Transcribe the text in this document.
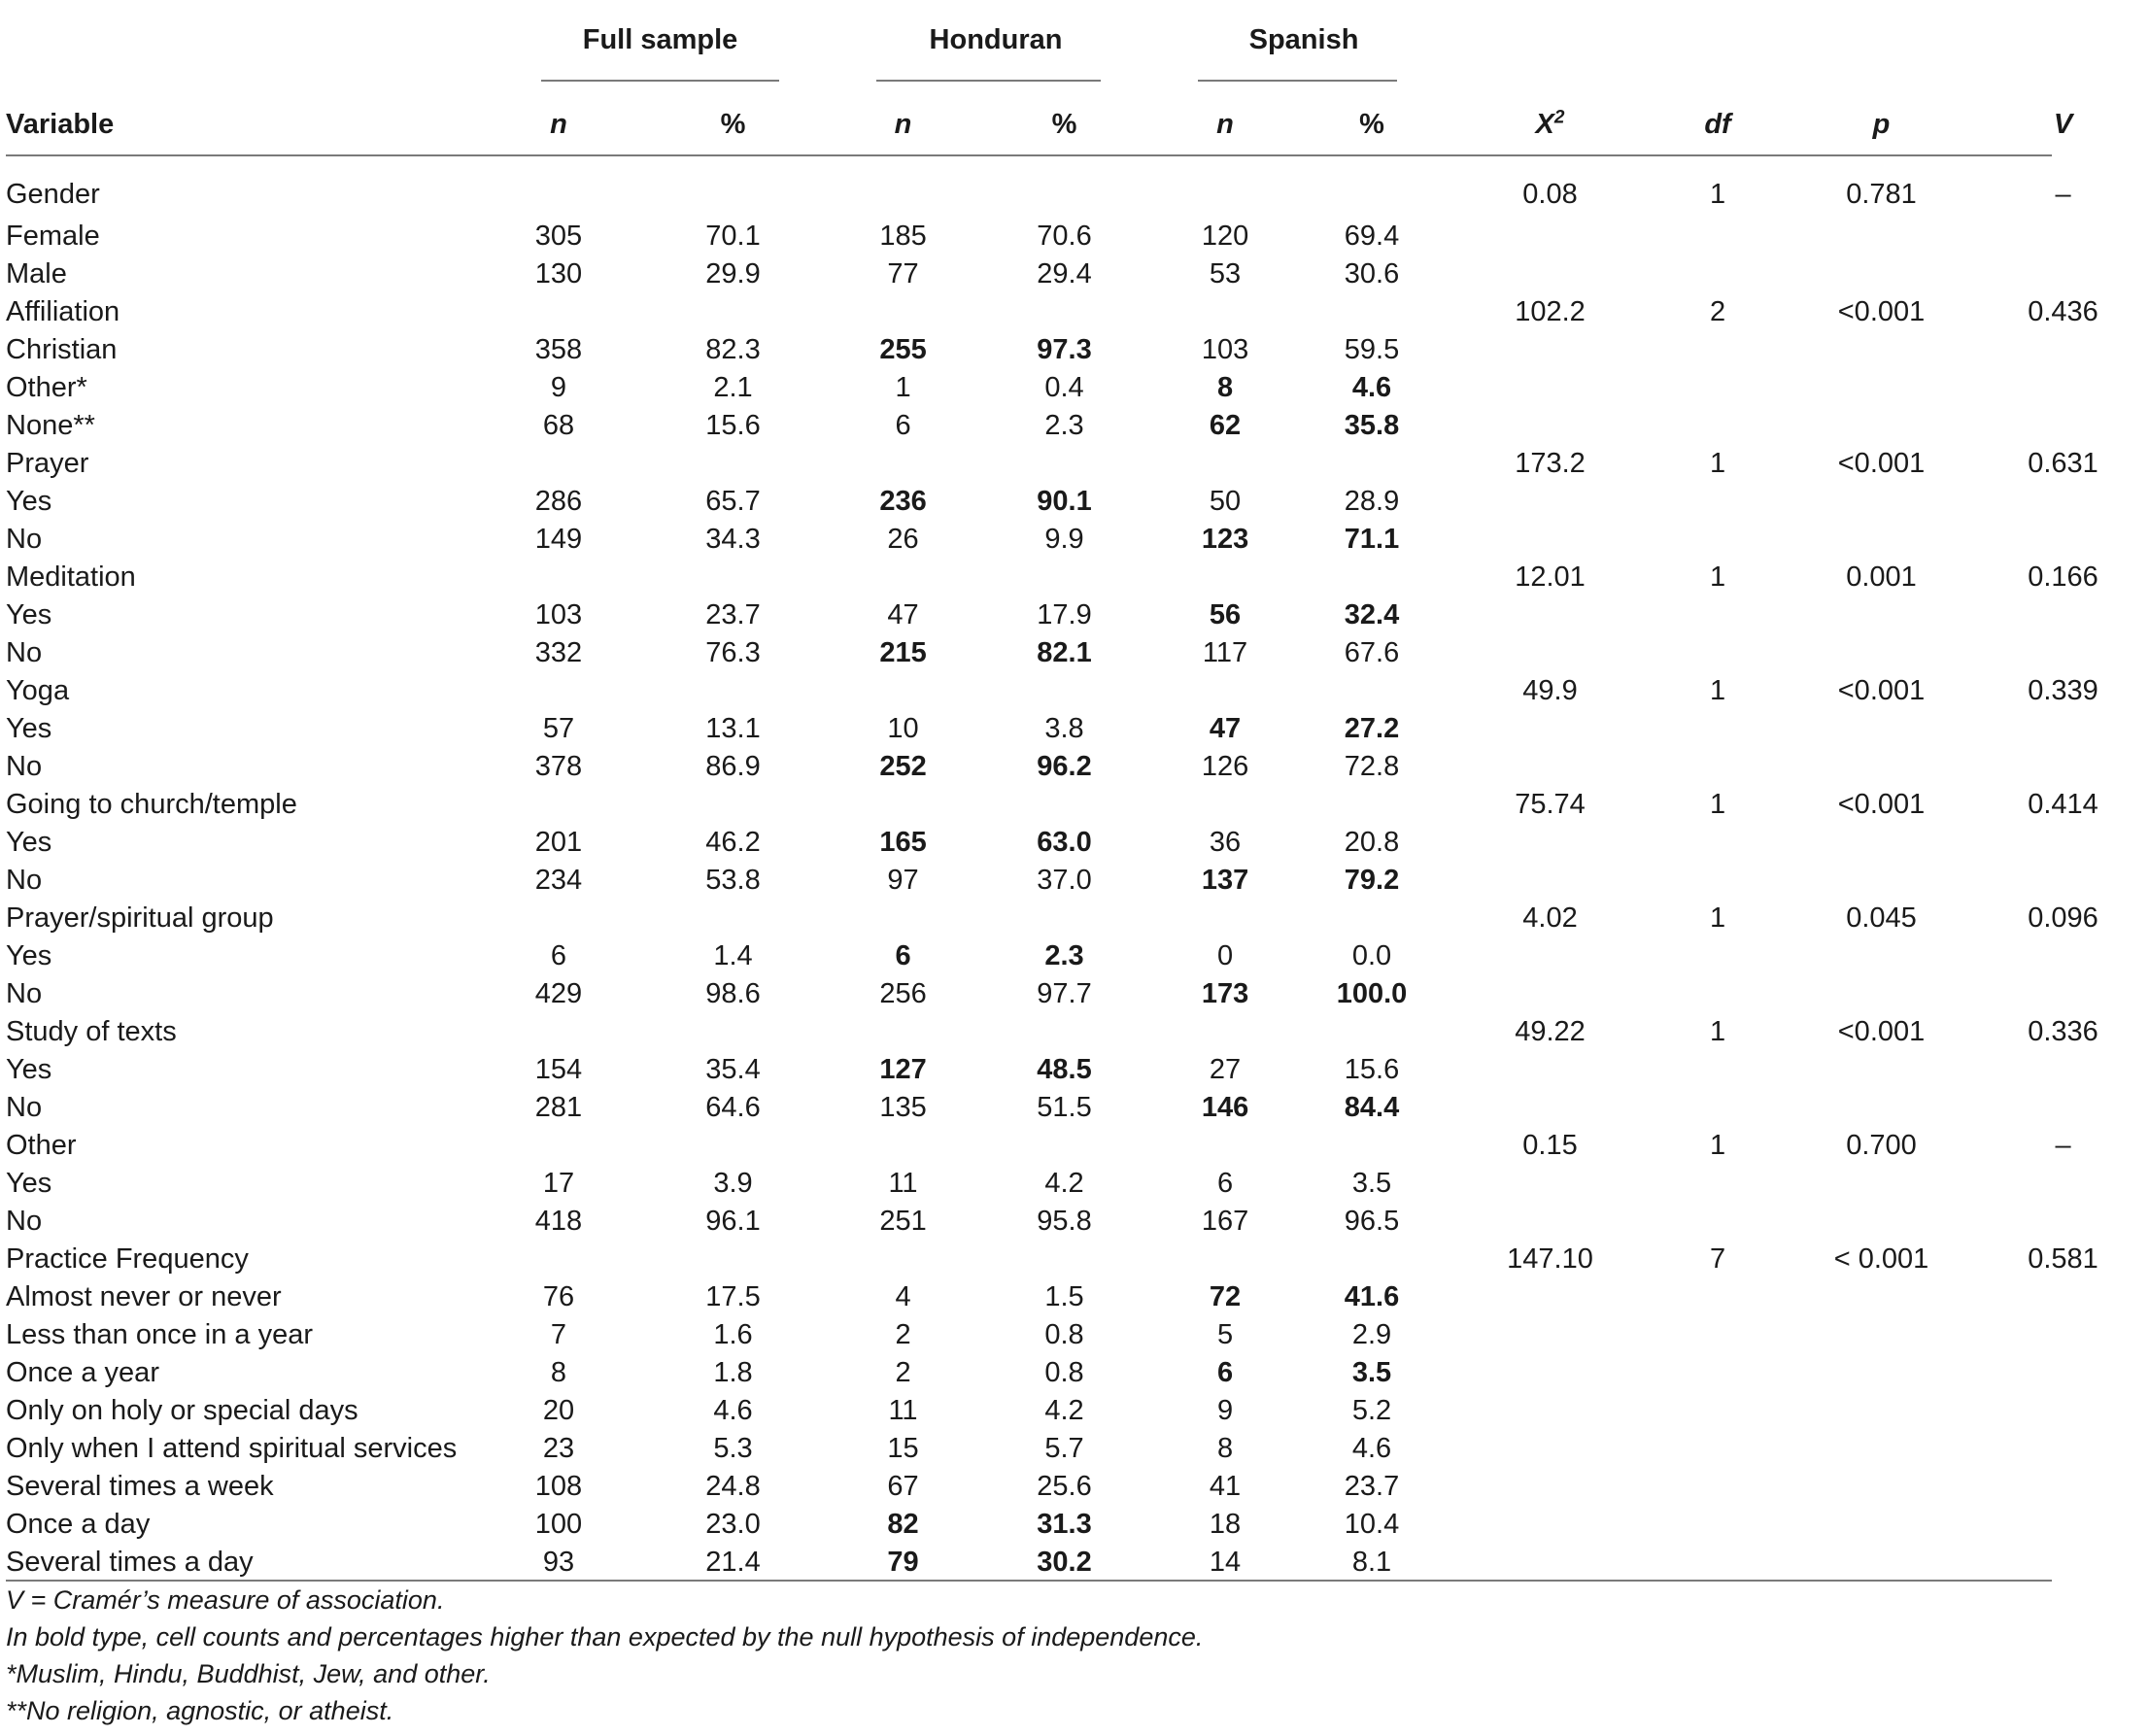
	Full sample		Honduran		Spanish					
Variable	n	%	n	%	n	%	$X^2$	df	p	V
Gender							0.08	1	0.781	–
Female	305	70.1	185	70.6	120	69.4				
Male	130	29.9	77	29.4	53	30.6				
Affiliation							102.2	2	<0.001	0.436
Christian	358	82.3	255	97.3	103	59.5				
Other*	9	2.1	1	0.4	8	4.6				
None**	68	15.6	6	2.3	62	35.8				
Prayer							173.2	1	<0.001	0.631
Yes	286	65.7	236	90.1	50	28.9				
No	149	34.3	26	9.9	123	71.1				
Meditation							12.01	1	0.001	0.166
Yes	103	23.7	47	17.9	56	32.4				
No	332	76.3	215	82.1	117	67.6				
Yoga							49.9	1	<0.001	0.339
Yes	57	13.1	10	3.8	47	27.2				
No	378	86.9	252	96.2	126	72.8				
Going to church/temple							75.74	1	<0.001	0.414
Yes	201	46.2	165	63.0	36	20.8				
No	234	53.8	97	37.0	137	79.2				
Prayer/spiritual group							4.02	1	0.045	0.096
Yes	6	1.4	6	2.3	0	0.0				
No	429	98.6	256	97.7	173	100.0				
Study of texts							49.22	1	<0.001	0.336
Yes	154	35.4	127	48.5	27	15.6				
No	281	64.6	135	51.5	146	84.4				
Other							0.15	1	0.700	–
Yes	17	3.9	11	4.2	6	3.5				
No	418	96.1	251	95.8	167	96.5				
Practice Frequency							147.10	7	< 0.001	0.581
Almost never or never	76	17.5	4	1.5	72	41.6				
Less than once in a year	7	1.6	2	0.8	5	2.9				
Once a year	8	1.8	2	0.8	6	3.5				
Only on holy or special days	20	4.6	11	4.2	9	5.2				
Only when I attend spiritual services	23	5.3	15	5.7	8	4.6				
Several times a week	108	24.8	67	25.6	41	23.7				
Once a day	100	23.0	82	31.3	18	10.4				
Several times a day	93	21.4	79	30.2	14	8.1				
V = Cramér’s measure of association.
In bold type, cell counts and percentages higher than expected by the null hypothesis of independence.
*Muslim, Hindu, Buddhist, Jew, and other.
**No religion, agnostic, or atheist.
